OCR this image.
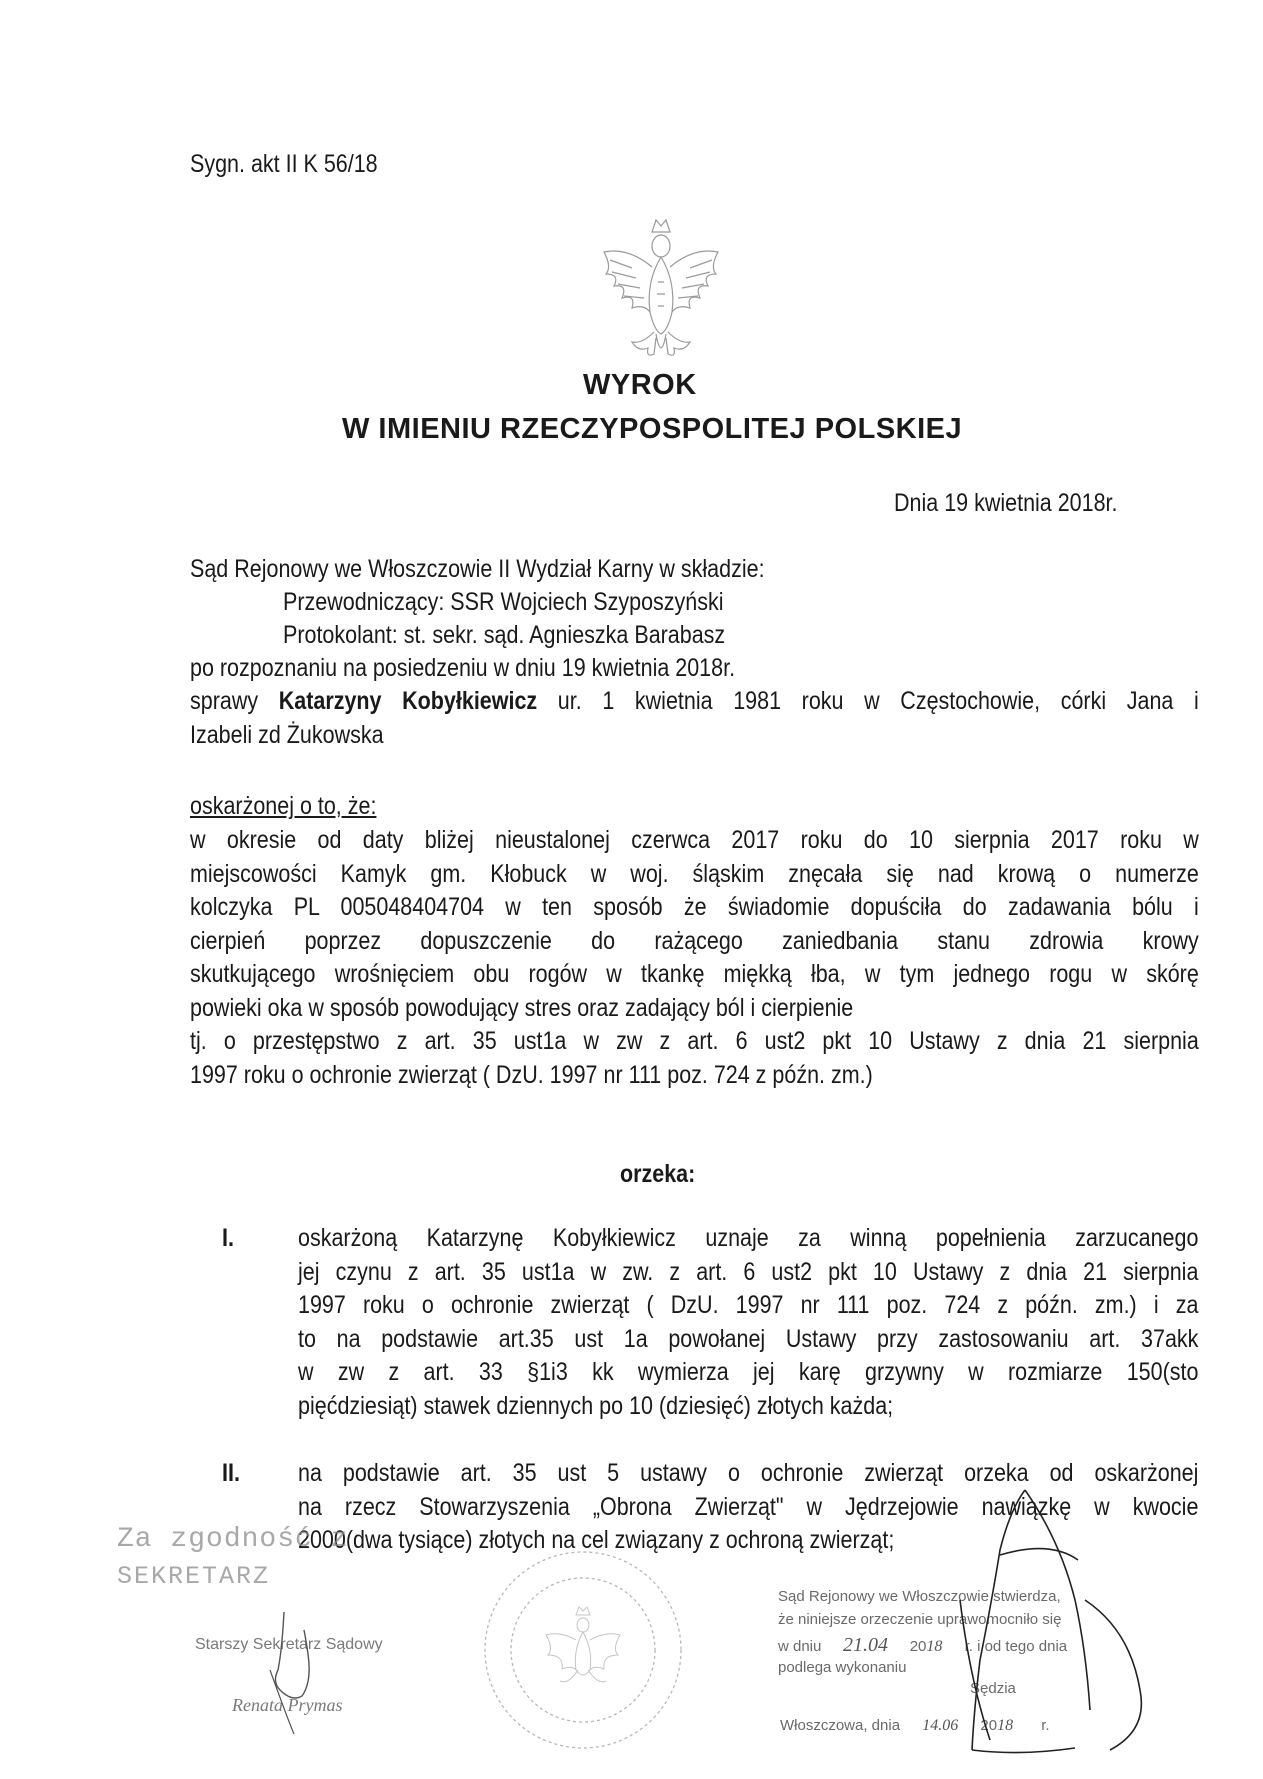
Sygn. akt II K 56/18
WYROK
W IMIENIU RZECZYPOSPOLITEJ POLSKIEJ
Dnia 19 kwietnia 2018r.
Sąd Rejonowy we Włoszczowie II Wydział Karny w składzie:
Przewodniczący: SSR Wojciech Szyposzyński
Protokolant: st. sekr. sąd. Agnieszka Barabasz
po rozpoznaniu na posiedzeniu w dniu 19 kwietnia 2018r.
sprawy Katarzyny Kobyłkiewicz ur. 1 kwietnia 1981 roku w Częstochowie, córki Jana i
Izabeli zd Żukowska
oskarżonej o to, że:
w okresie od daty bliżej nieustalonej czerwca 2017 roku do 10 sierpnia 2017 roku w
miejscowości Kamyk gm. Kłobuck w woj. śląskim znęcała się nad krową o numerze
kolczyka PL 005048404704 w ten sposób że świadomie dopuściła do zadawania bólu i
cierpień poprzez dopuszczenie do rażącego zaniedbania stanu zdrowia krowy
skutkującego wrośnięciem obu rogów w tkankę miękką łba, w tym jednego rogu w skórę
powieki oka w sposób powodujący stres oraz zadający ból i cierpienie
tj. o przestępstwo z art. 35 ust1a w zw z art. 6 ust2 pkt 10 Ustawy z dnia 21 sierpnia
1997 roku o ochronie zwierząt ( DzU. 1997 nr 111 poz. 724 z późn. zm.)
orzeka:
I.	oskarżoną Katarzynę Kobyłkiewicz uznaje za winną popełnienia zarzucanego
jej czynu z art. 35 ust1a w zw. z art. 6 ust2 pkt 10 Ustawy z dnia 21 sierpnia
1997 roku o ochronie zwierząt ( DzU. 1997 nr 111 poz. 724 z późn. zm.) i za
to na podstawie art.35 ust 1a powołanej Ustawy przy zastosowaniu art. 37akk
w zw z art. 33 §1i3 kk wymierza jej karę grzywny w rozmiarze 150(sto
pięćdziesiąt) stawek dziennych po 10 (dziesięć) złotych każda;
II. na podstawie art. 35 ust 5 ustawy o ochronie zwierząt orzeka od oskarżonej
na rzecz Stowarzyszenia „Obrona Zwierząt" w Jędrzejowie nawiązkę w kwocie
2000(dwa tysiące) złotych na cel związany z ochroną zwierząt;
Za zgodność z
SEKRETARZ
Starszy Sekretarz Sądowy
Renata Prymas
Sąd Rejonowy we Włoszczowie stwierdza,
że niniejsze orzeczenie uprawomocniło się
w dniu 21.04 2018 r. i od tego dnia
podlega wykonaniu
Sędzia
Włoszczowa, dnia 14.06 2018 r.
